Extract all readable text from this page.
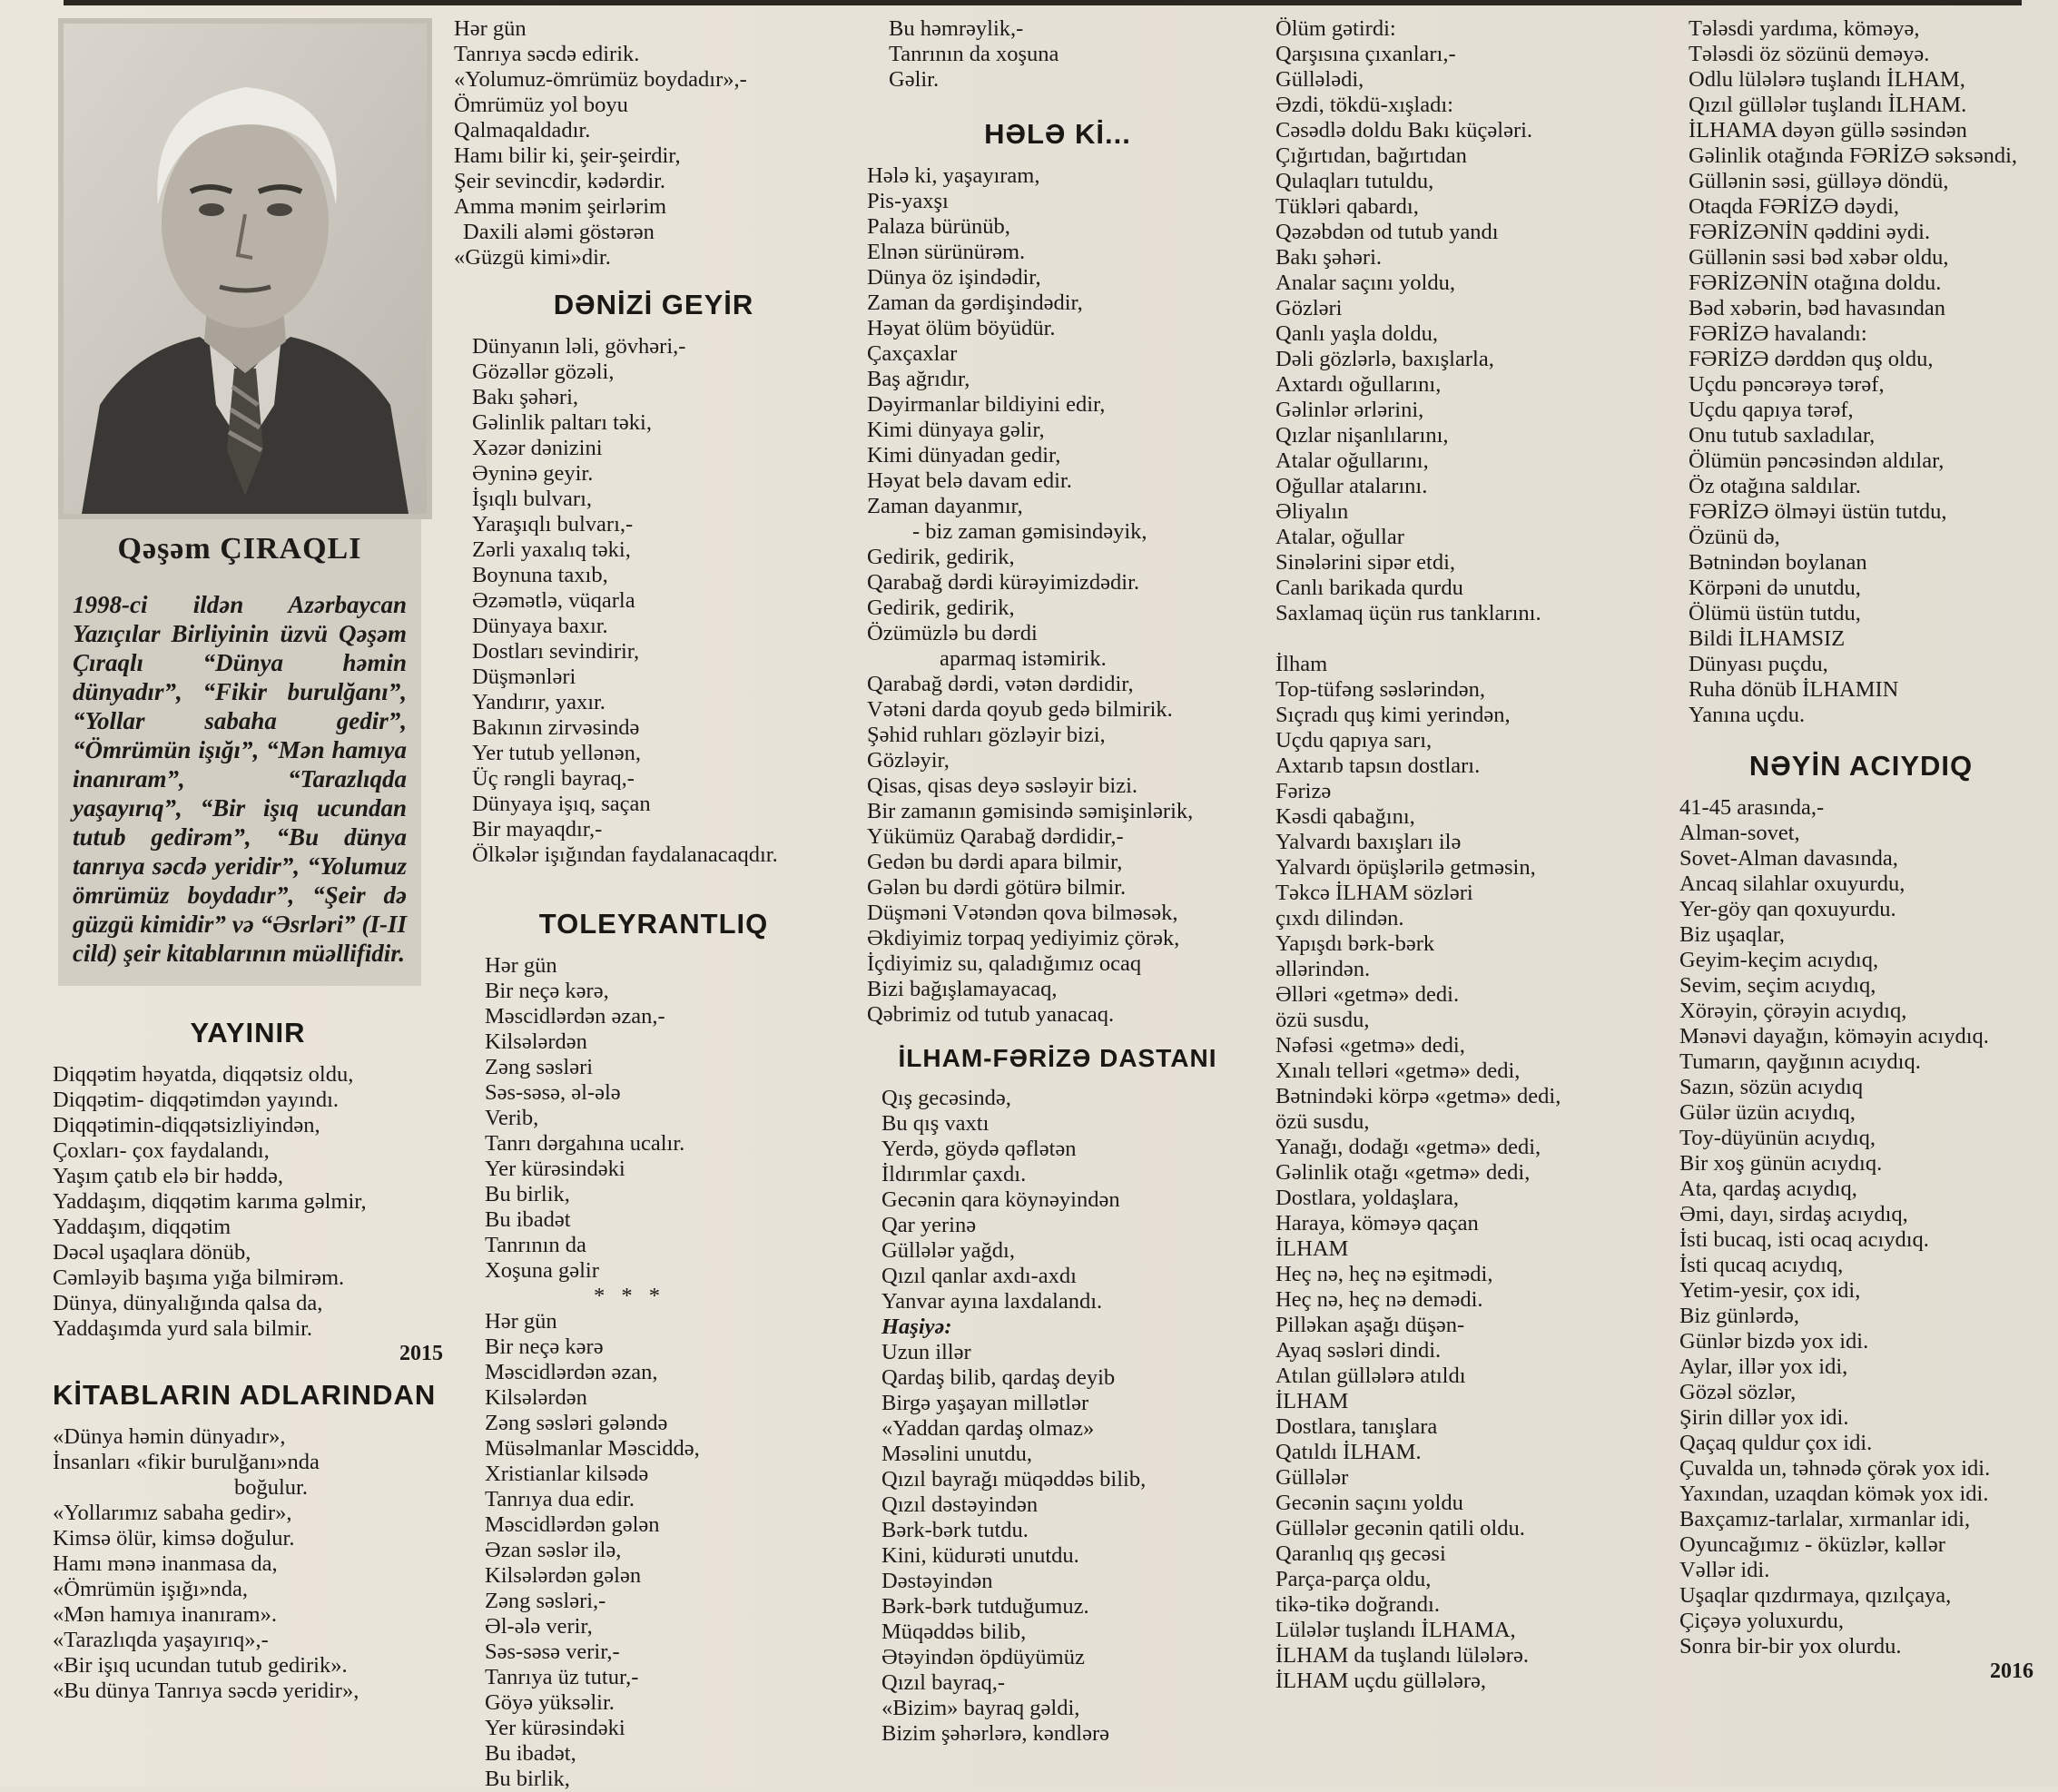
Qəşəm ÇIRAQLI
1998-ci ildən Azərbaycan Yazıçılar Birliyinin üzvü Qəşəm Çıraqlı “Dünya həmin dünyadır”, “Fikir burulğanı”, “Yollar sabaha gedir”, “Ömrümün işığı”, “Mən hamıya inanıram”, “Tarazlıqda yaşayırıq”, “Bir işıq ucundan tutub gedirəm”, “Bu dünya tanrıya səcdə yeridir”, “Yolumuz ömrümüz boydadır”, “Şeir də güzgü kimidir” və “Əsrləri” (I-II cild) şeir kitablarının müəllifidir.
YAYINIR
Diqqətim həyatda, diqqətsiz oldu,
Diqqətim- diqqətimdən yayındı.
Diqqətimin-diqqətsizliyindən,
Çoxları- çox faydalandı,
Yaşım çatıb elə bir həddə,
Yaddaşım, diqqətim karıma gəlmir,
Yaddaşım, diqqətim
Dəcəl uşaqlara dönüb,
Cəmləyib başıma yığa bilmirəm.
Dünya, dünyalığında qalsa da,
Yaddaşımda yurd sala bilmir.
2015
KİTABLARIN ADLARINDAN
«Dünya həmin dünyadır»,
İnsanları «fikir burulğanı»nda
boğulur.
«Yollarımız sabaha gedir»,
Kimsə ölür, kimsə doğulur.
Hamı mənə inanmasa da,
«Ömrümün işığı»nda,
«Mən hamıya inanıram».
«Tarazlıqda yaşayırıq»,-
«Bir işıq ucundan tutub gedirik».
«Bu dünya Tanrıya səcdə yeridir»,
Hər gün
Tanrıya səcdə edirik.
«Yolumuz-ömrümüz boydadır»,-
Ömrümüz yol boyu
Qalmaqaldadır.
Hamı bilir ki, şeir-şeirdir,
Şeir sevincdir, kədərdir.
Amma mənim şeirlərim
Daxili aləmi göstərən
«Güzgü kimi»dir.
DƏNİZİ GEYİR
Dünyanın ləli, gövhəri,-
Gözəllər gözəli,
Bakı şəhəri,
Gəlinlik paltarı təki,
Xəzər dənizini
Əyninə geyir.
İşıqlı bulvarı,
Yaraşıqlı bulvarı,-
Zərli yaxalıq təki,
Boynuna taxıb,
Əzəmətlə, vüqarla
Dünyaya baxır.
Dostları sevindirir,
Düşmənləri
Yandırır, yaxır.
Bakının zirvəsində
Yer tutub yellənən,
Üç rəngli bayraq,-
Dünyaya işıq, saçan
Bir mayaqdır,-
Ölkələr işığından faydalanacaqdır.
TOLEYRANTLIQ
Hər gün
Bir neçə kərə,
Məscidlərdən əzan,-
Kilsələrdən
Zəng səsləri
Səs-səsə, əl-ələ
Verib,
Tanrı dərgahına ucalır.
Yer kürəsindəki
Bu birlik,
Bu ibadət
Tanrının da
Xoşuna gəlir
* * *
Hər gün
Bir neçə kərə
Məscidlərdən əzan,
Kilsələrdən
Zəng səsləri gələndə
Müsəlmanlar Məsciddə,
Xristianlar kilsədə
Tanrıya dua edir.
Məscidlərdən gələn
Əzan səslər ilə,
Kilsələrdən gələn
Zəng səsləri,-
Əl-ələ verir,
Səs-səsə verir,-
Tanrıya üz tutur,-
Göyə yüksəlir.
Yer kürəsindəki
Bu ibadət,
Bu birlik,
Bu həmrəylik,-
Tanrının da xoşuna
Gəlir.
HƏLƏ Kİ...
Hələ ki, yaşayıram,
Pis-yaxşı
Palaza bürünüb,
Elnən sürünürəm.
Dünya öz işindədir,
Zaman da gərdişindədir,
Həyat ölüm böyüdür.
Çaxçaxlar
Baş ağrıdır,
Dəyirmanlar bildiyini edir,
Kimi dünyaya gəlir,
Kimi dünyadan gedir,
Həyat belə davam edir.
Zaman dayanmır,
- biz zaman gəmisindəyik,
Gedirik, gedirik,
Qarabağ dərdi kürəyimizdədir.
Gedirik, gedirik,
Özümüzlə bu dərdi
aparmaq istəmirik.
Qarabağ dərdi, vətən dərdidir,
Vətəni darda qoyub gedə bilmirik.
Şəhid ruhları gözləyir bizi,
Gözləyir,
Qisas, qisas deyə səsləyir bizi.
Bir zamanın gəmisində səmişinlərik,
Yükümüz Qarabağ dərdidir,-
Gedən bu dərdi apara bilmir,
Gələn bu dərdi götürə bilmir.
Düşməni Vətəndən qova bilməsək,
Əkdiyimiz torpaq yediyimiz çörək,
İçdiyimiz su, qaladığımız ocaq
Bizi bağışlamayacaq,
Qəbrimiz od tutub yanacaq.
İLHAM-FƏRİZƏ DASTANI
Qış gecəsində,
Bu qış vaxtı
Yerdə, göydə qəflətən
İldırımlar çaxdı.
Gecənin qara köynəyindən
Qar yerinə
Güllələr yağdı,
Qızıl qanlar axdı-axdı
Yanvar ayına laxdalandı.
Haşiyə:
Uzun illər
Qardaş bilib, qardaş deyib
Birgə yaşayan millətlər
«Yaddan qardaş olmaz»
Məsəlini unutdu,
Qızıl bayrağı müqəddəs bilib,
Qızıl dəstəyindən
Bərk-bərk tutdu.
Kini, küdurəti unutdu.
Dəstəyindən
Bərk-bərk tutduğumuz.
Müqəddəs bilib,
Ətəyindən öpdüyümüz
Qızıl bayraq,-
«Bizim» bayraq gəldi,
Bizim şəhərlərə, kəndlərə
Ölüm gətirdi:
Qarşısına çıxanları,-
Güllələdi,
Əzdi, tökdü-xışladı:
Cəsədlə doldu Bakı küçələri.
Çığırtıdan, bağırtıdan
Qulaqları tutuldu,
Tükləri qabardı,
Qəzəbdən od tutub yandı
Bakı şəhəri.
Analar saçını yoldu,
Gözləri
Qanlı yaşla doldu,
Dəli gözlərlə, baxışlarla,
Axtardı oğullarını,
Gəlinlər ərlərini,
Qızlar nişanlılarını,
Atalar oğullarını,
Oğullar atalarını.
Əliyalın
Atalar, oğullar
Sinələrini sipər etdi,
Canlı barikada qurdu
Saxlamaq üçün rus tanklarını.
İlham
Top-tüfəng səslərindən,
Sıçradı quş kimi yerindən,
Uçdu qapıya sarı,
Axtarıb tapsın dostları.
Fərizə
Kəsdi qabağını,
Yalvardı baxışları ilə
Yalvardı öpüşlərilə getməsin,
Təkcə İLHAM sözləri
çıxdı dilindən.
Yapışdı bərk-bərk
əllərindən.
Əlləri «getmə» dedi.
özü susdu,
Nəfəsi «getmə» dedi,
Xınalı telləri «getmə» dedi,
Bətnindəki körpə «getmə» dedi,
özü susdu,
Yanağı, dodağı «getmə» dedi,
Gəlinlik otağı «getmə» dedi,
Dostlara, yoldaşlara,
Haraya, köməyə qaçan
İLHAM
Heç nə, heç nə eşitmədi,
Heç nə, heç nə demədi.
Pilləkan aşağı düşən-
Ayaq səsləri dindi.
Atılan güllələrə atıldı
İLHAM
Dostlara, tanışlara
Qatıldı İLHAM.
Güllələr
Gecənin saçını yoldu
Güllələr gecənin qatili oldu.
Qaranlıq qış gecəsi
Parça-parça oldu,
tikə-tikə doğrandı.
Lülələr tuşlandı İLHAMA,
İLHAM da tuşlandı lülələrə.
İLHAM uçdu güllələrə,
Tələsdi yardıma, köməyə,
Tələsdi öz sözünü deməyə.
Odlu lülələrə tuşlandı İLHAM,
Qızıl güllələr tuşlandı İLHAM.
İLHAMA dəyən güllə səsindən
Gəlinlik otağında FƏRİZƏ səksəndi,
Güllənin səsi, gülləyə döndü,
Otaqda FƏRİZƏ dəydi,
FƏRİZƏNİN qəddini əydi.
Güllənin səsi bəd xəbər oldu,
FƏRİZƏNİN otağına doldu.
Bəd xəbərin, bəd havasından
FƏRİZƏ havalandı:
FƏRİZƏ dərddən quş oldu,
Uçdu pəncərəyə tərəf,
Uçdu qapıya tərəf,
Onu tutub saxladılar,
Ölümün pəncəsindən aldılar,
Öz otağına saldılar.
FƏRİZƏ ölməyi üstün tutdu,
Özünü də,
Bətnindən boylanan
Körpəni də unutdu,
Ölümü üstün tutdu,
Bildi İLHAMSIZ
Dünyası puçdu,
Ruha dönüb İLHAMIN
Yanına uçdu.
NƏYİN ACIYDIQ
41-45 arasında,-
Alman-sovet,
Sovet-Alman davasında,
Ancaq silahlar oxuyurdu,
Yer-göy qan qoxuyurdu.
Biz uşaqlar,
Geyim-keçim acıydıq,
Sevim, seçim acıydıq,
Xörəyin, çörəyin acıydıq,
Mənəvi dayağın, köməyin acıydıq.
Tumarın, qayğının acıydıq.
Sazın, sözün acıydıq
Gülər üzün acıydıq,
Toy-düyünün acıydıq,
Bir xoş günün acıydıq.
Ata, qardaş acıydıq,
Əmi, dayı, sirdaş acıydıq,
İsti bucaq, isti ocaq acıydıq.
İsti qucaq acıydıq,
Yetim-yesir, çox idi,
Biz günlərdə,
Günlər bizdə yox idi.
Aylar, illər yox idi,
Gözəl sözlər,
Şirin dillər yox idi.
Qaçaq quldur çox idi.
Çuvalda un, təhnədə çörək yox idi.
Yaxından, uzaqdan kömək yox idi.
Baxçamız-tarlalar, xırmanlar idi,
Oyuncağımız - öküzlər, kəllər
Vəllər idi.
Uşaqlar qızdırmaya, qızılçaya,
Çiçəyə yoluxurdu,
Sonra bir-bir yox olurdu.
2016
